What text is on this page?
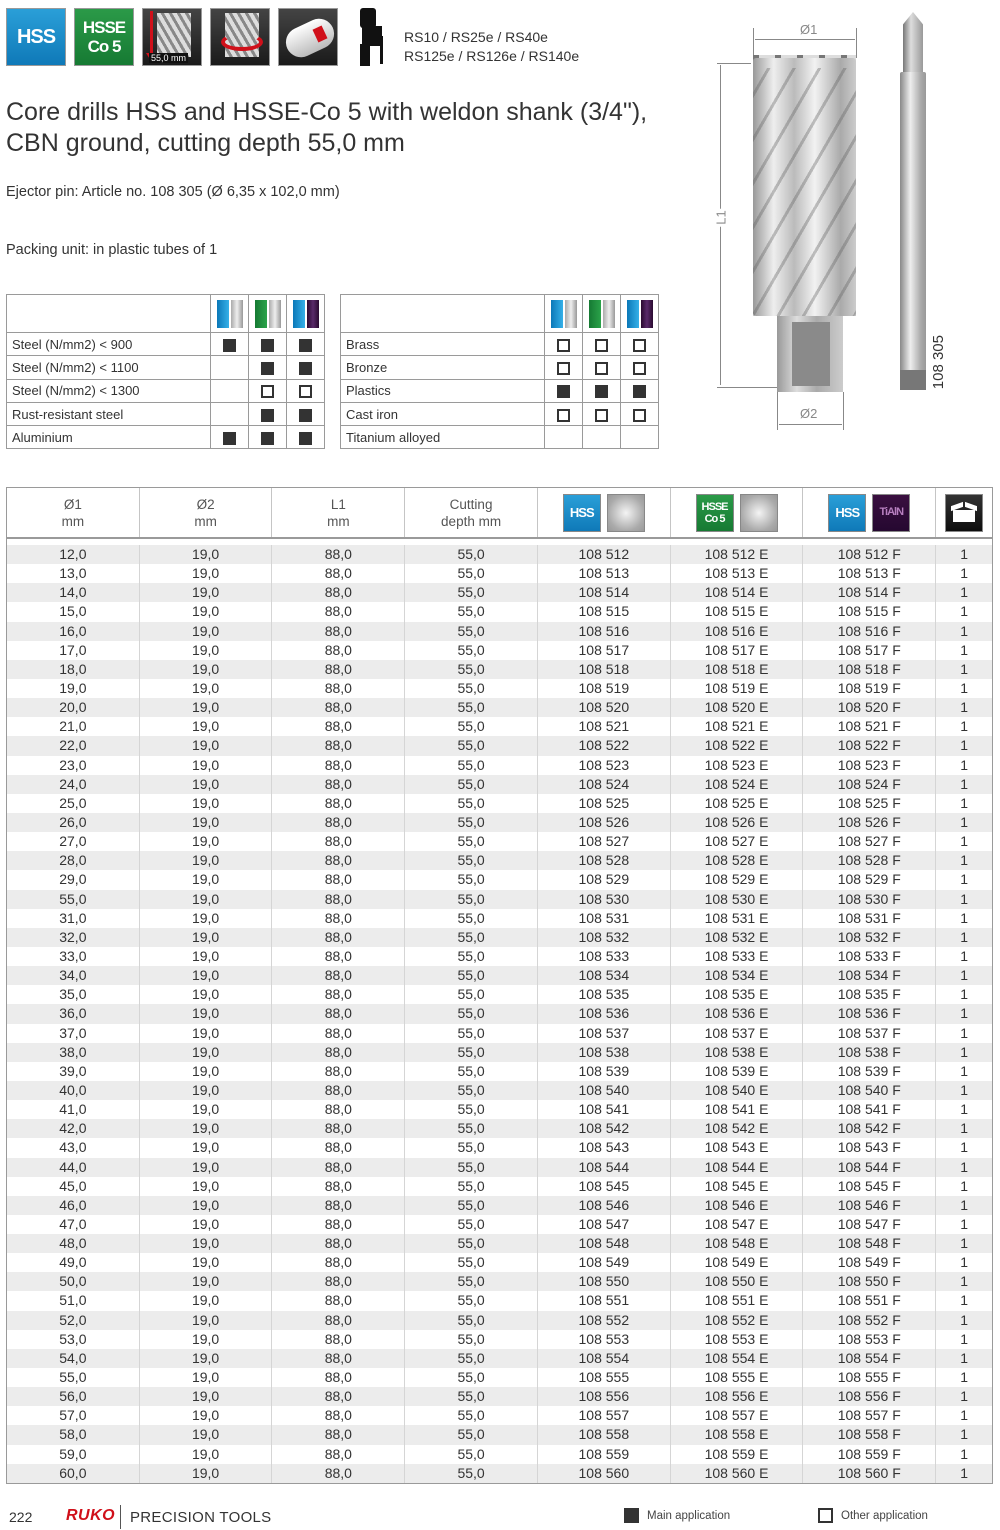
HSS	HSSE
Co 5
55,0 mm
RS10 / RS25e / RS40e
RS125e / RS126e / RS140e
Core drills HSS and HSSE-Co 5 with weldon shank (3/4"),
CBN ground, cutting depth 55,0 mm
Ejector pin: Article no. 108 305 (Ø 6,35 x 102,0 mm)
Packing unit: in plastic tubes of 1

Steel (N/mm2) < 900			
Steel (N/mm2) < 1100			
Steel (N/mm2) < 1300			
Rust-resistant steel			
Aluminium			

Brass			
Bronze			
Plastics			
Cast iron			
Titanium alloyed			
Ø1
L1
Ø2
108 305
Ø1
mm
Ø2
mm
L1
mm
Cutting
depth mm
HSS	HSSE
Co 5	HSS	TiAlN
12,0	19,0	88,0	55,0	108 512	108 512 E	108 512 F	1
13,0	19,0	88,0	55,0	108 513	108 513 E	108 513 F	1
14,0	19,0	88,0	55,0	108 514	108 514 E	108 514 F	1
15,0	19,0	88,0	55,0	108 515	108 515 E	108 515 F	1
16,0	19,0	88,0	55,0	108 516	108 516 E	108 516 F	1
17,0	19,0	88,0	55,0	108 517	108 517 E	108 517 F	1
18,0	19,0	88,0	55,0	108 518	108 518 E	108 518 F	1
19,0	19,0	88,0	55,0	108 519	108 519 E	108 519 F	1
20,0	19,0	88,0	55,0	108 520	108 520 E	108 520 F	1
21,0	19,0	88,0	55,0	108 521	108 521 E	108 521 F	1
22,0	19,0	88,0	55,0	108 522	108 522 E	108 522 F	1
23,0	19,0	88,0	55,0	108 523	108 523 E	108 523 F	1
24,0	19,0	88,0	55,0	108 524	108 524 E	108 524 F	1
25,0	19,0	88,0	55,0	108 525	108 525 E	108 525 F	1
26,0	19,0	88,0	55,0	108 526	108 526 E	108 526 F	1
27,0	19,0	88,0	55,0	108 527	108 527 E	108 527 F	1
28,0	19,0	88,0	55,0	108 528	108 528 E	108 528 F	1
29,0	19,0	88,0	55,0	108 529	108 529 E	108 529 F	1
55,0	19,0	88,0	55,0	108 530	108 530 E	108 530 F	1
31,0	19,0	88,0	55,0	108 531	108 531 E	108 531 F	1
32,0	19,0	88,0	55,0	108 532	108 532 E	108 532 F	1
33,0	19,0	88,0	55,0	108 533	108 533 E	108 533 F	1
34,0	19,0	88,0	55,0	108 534	108 534 E	108 534 F	1
35,0	19,0	88,0	55,0	108 535	108 535 E	108 535 F	1
36,0	19,0	88,0	55,0	108 536	108 536 E	108 536 F	1
37,0	19,0	88,0	55,0	108 537	108 537 E	108 537 F	1
38,0	19,0	88,0	55,0	108 538	108 538 E	108 538 F	1
39,0	19,0	88,0	55,0	108 539	108 539 E	108 539 F	1
40,0	19,0	88,0	55,0	108 540	108 540 E	108 540 F	1
41,0	19,0	88,0	55,0	108 541	108 541 E	108 541 F	1
42,0	19,0	88,0	55,0	108 542	108 542 E	108 542 F	1
43,0	19,0	88,0	55,0	108 543	108 543 E	108 543 F	1
44,0	19,0	88,0	55,0	108 544	108 544 E	108 544 F	1
45,0	19,0	88,0	55,0	108 545	108 545 E	108 545 F	1
46,0	19,0	88,0	55,0	108 546	108 546 E	108 546 F	1
47,0	19,0	88,0	55,0	108 547	108 547 E	108 547 F	1
48,0	19,0	88,0	55,0	108 548	108 548 E	108 548 F	1
49,0	19,0	88,0	55,0	108 549	108 549 E	108 549 F	1
50,0	19,0	88,0	55,0	108 550	108 550 E	108 550 F	1
51,0	19,0	88,0	55,0	108 551	108 551 E	108 551 F	1
52,0	19,0	88,0	55,0	108 552	108 552 E	108 552 F	1
53,0	19,0	88,0	55,0	108 553	108 553 E	108 553 F	1
54,0	19,0	88,0	55,0	108 554	108 554 E	108 554 F	1
55,0	19,0	88,0	55,0	108 555	108 555 E	108 555 F	1
56,0	19,0	88,0	55,0	108 556	108 556 E	108 556 F	1
57,0	19,0	88,0	55,0	108 557	108 557 E	108 557 F	1
58,0	19,0	88,0	55,0	108 558	108 558 E	108 558 F	1
59,0	19,0	88,0	55,0	108 559	108 559 E	108 559 F	1
60,0	19,0	88,0	55,0	108 560	108 560 E	108 560 F	1
222 RUKO PRECISION TOOLS	Main application	Other application
